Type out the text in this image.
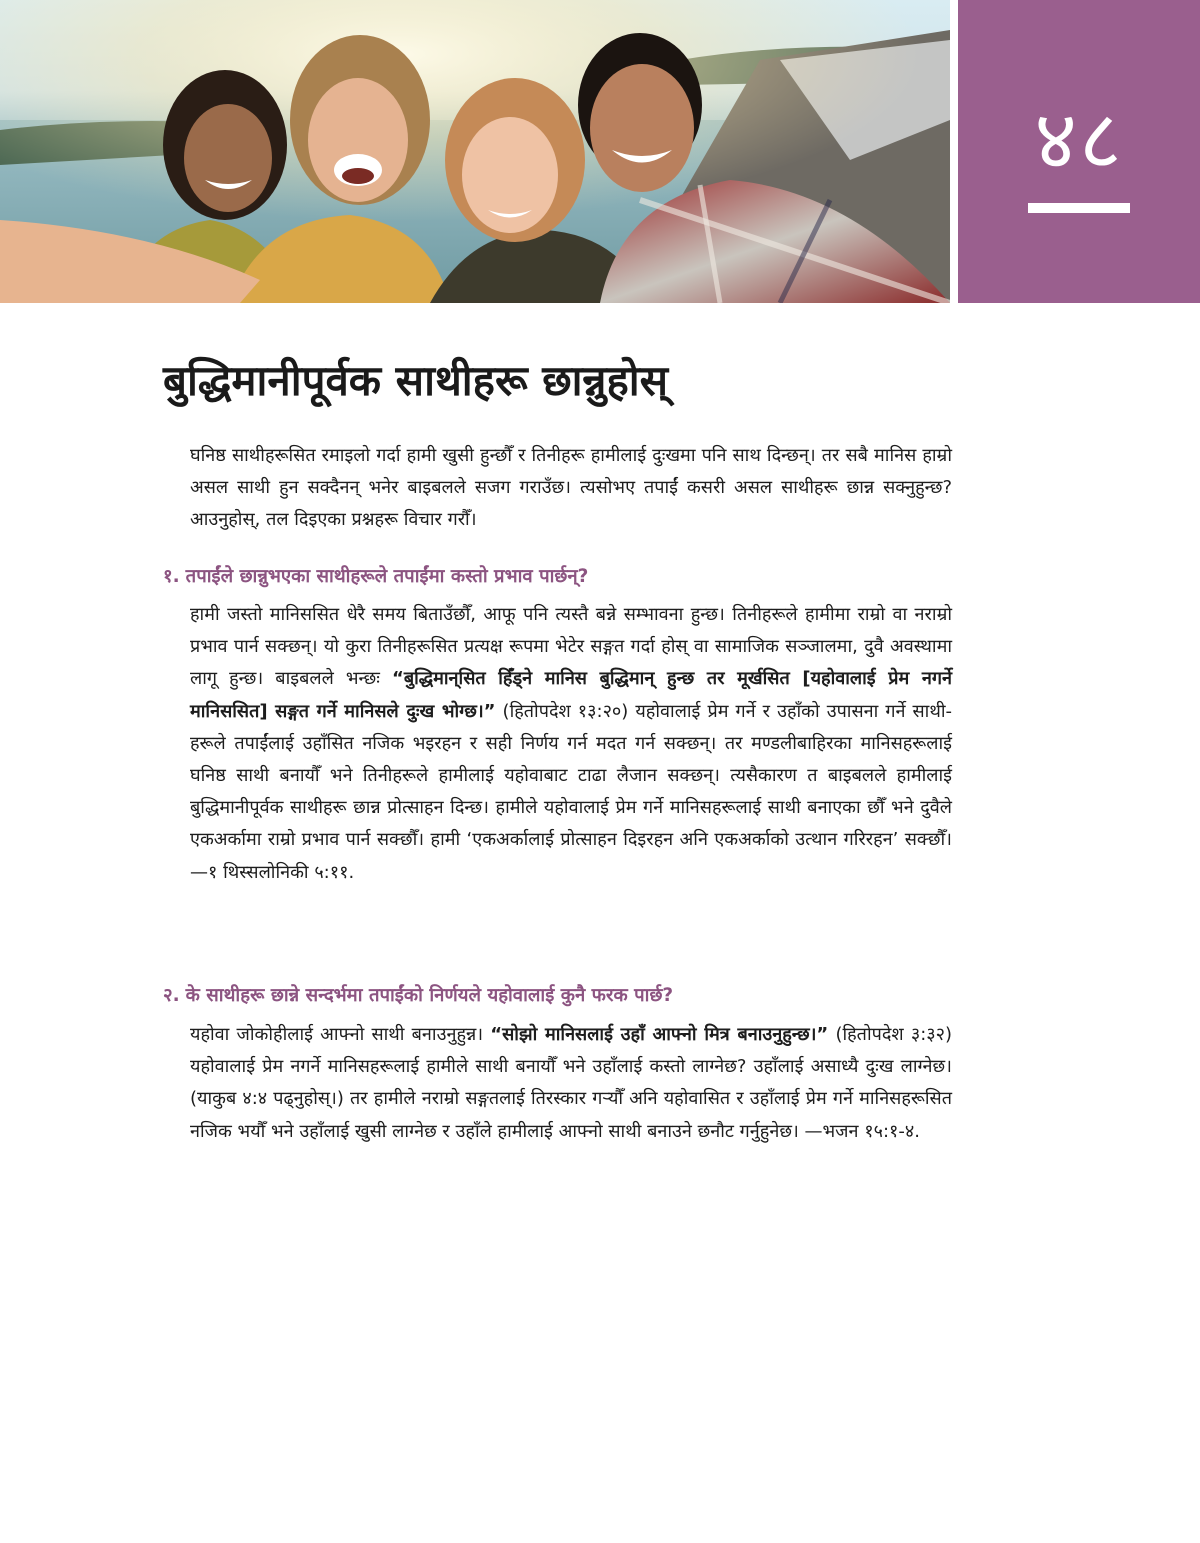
४८
बुद्धिमानीपूर्वक साथीहरू छान्नुहोस्

घनिष्ठ साथीहरूसित रमाइलो गर्दा हामी खुसी हुन्छौँ र तिनीहरू हामीलाई दुःखमा पनि साथ दिन्छन्। तर सबै मानिस हाम्रो असल साथी हुन सक्दैनन् भनेर बाइबलले सजग गराउँछ। त्यसोभए तपाईं कसरी असल साथीहरू छान्न सक्नुहुन्छ? आउनुहोस्, तल दिइएका प्रश्नहरू विचार गरौँ।

१. तपाईंले छान्नुभएका साथीहरूले तपाईंमा कस्तो प्रभाव पार्छन्?

हामी जस्तो मानिससित धेरै समय बिताउँछौँ, आफू पनि त्यस्तै बन्ने सम्भावना हुन्छ। तिनीहरूले हामीमा राम्रो वा नराम्रो प्रभाव पार्न सक्छन्। यो कुरा तिनीहरूसित प्रत्यक्ष रूपमा भेटेर सङ्गत गर्दा होस् वा सामाजिक सञ्जालमा, दुवै अवस्थामा लागू हुन्छ। बाइबलले भन्छः “बुद्धिमान्‌सित हिँड्‌ने मानिस बुद्धिमान् हुन्छ तर मूर्खसित [यहोवालाई प्रेम नगर्ने मानिससित] सङ्गत गर्ने मानिसले दुःख भोग्छ।” (हितोपदेश १३:२०) यहोवालाई प्रेम गर्ने र उहाँको उपासना गर्ने साथीहरूले तपाईंलाई उहाँसित नजिक भइरहन र सही निर्णय गर्न मदत गर्न सक्छन्। तर मण्डलीबाहिरका मानिसहरूलाई घनिष्ठ साथी बनायौँ भने तिनीहरूले हामीलाई यहोवाबाट टाढा लैजान सक्छन्। त्यसैकारण त बाइबलले हामीलाई बुद्धिमानीपूर्वक साथीहरू छान्न प्रोत्साहन दिन्छ। हामीले यहोवालाई प्रेम गर्ने मानिसहरूलाई साथी बनाएका छौँ भने दुवैले एकअर्कामा राम्रो प्रभाव पार्न सक्छौँ। हामी ‘एकअर्कालाई प्रोत्साहन दिइरहन अनि एकअर्काको उत्थान गरिरहन’ सक्छौँ। —१ थिस्सलोनिकी ५:११.

२. के साथीहरू छान्ने सन्दर्भमा तपाईंको निर्णयले यहोवालाई कुनै फरक पार्छ?

यहोवा जोकोहीलाई आफ्नो साथी बनाउनुहुन्न। “सोझो मानिसलाई उहाँ आफ्नो मित्र बनाउनुहुन्छ।” (हितोपदेश ३:३२) यहोवालाई प्रेम नगर्ने मानिसहरूलाई हामीले साथी बनायौँ भने उहाँलाई कस्तो लाग्नेछ? उहाँलाई असाध्यै दुःख लाग्नेछ। (याकुब ४:४ पढ्नुहोस्।) तर हामीले नराम्रो सङ्गतलाई तिरस्कार गर्‍यौँ अनि यहोवासित र उहाँलाई प्रेम गर्ने मानिसहरूसित नजिक भयौँ भने उहाँलाई खुसी लाग्नेछ र उहाँले हामीलाई आफ्नो साथी बनाउने छनौट गर्नुहुनेछ। —भजन १५:१-४.
